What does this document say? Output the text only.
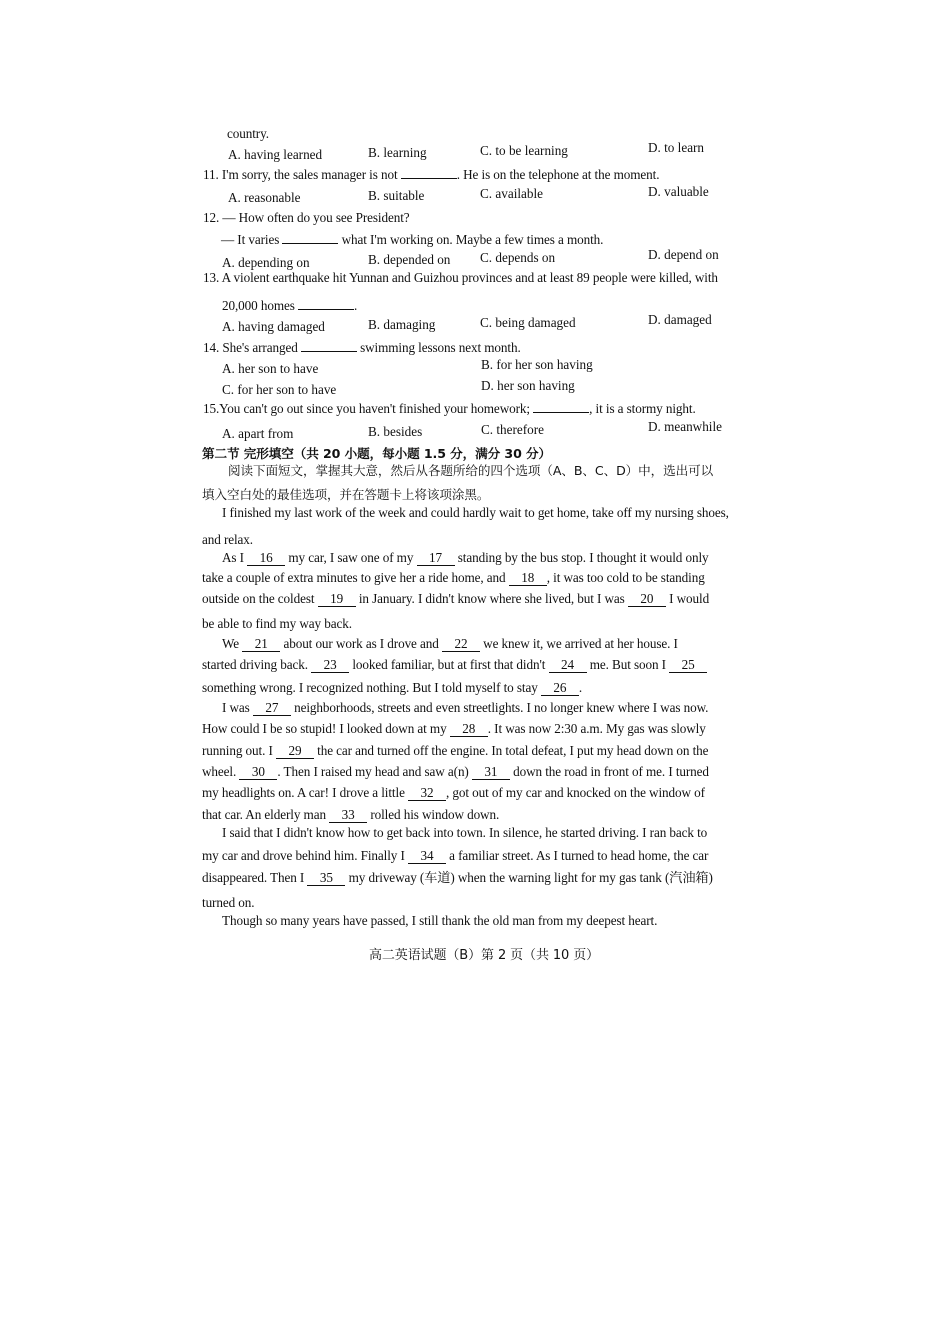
country.
A. having learned	B. learning	C. to be learning	D. to learn
11. I'm sorry, the sales manager is not	. He is on the telephone at the moment.
A. reasonable	B. suitable	C. available	D. valuable
12. — How often do you see President?
— It varies	what I'm working on. Maybe a few times a month.
A. depending on	B. depended on C. depends on	D. depend on
13. A violent earthquake hit Yunnan and Guizhou provinces and at least 89 people were killed, with
20,000 homes	.
A. having damaged	B. damaging	C. being damaged	D. damaged
14. She's arranged	swimming lessons next month.
A. her son to have	B. for her son having
C. for her son to have	D. her son having
15.You can't go out since you haven't finished your homework;	, it is a stormy night.
A. apart from	B. besides	C. therefore	D. meanwhile
第二节 完形填空（共 20 小题，每小题 1.5 分，满分 30 分）
阅读下面短文，掌握其大意，然后从各题所给的四个选项（A、B、C、D）中，选出可以
填入空白处的最佳选项，并在答题卡上将该项涂黑。
I finished my last work of the week and could hardly wait to get home, take off my nursing shoes,
and relax.
As I 16 my car, I saw one of my 17 standing by the bus stop. I thought it would only
take a couple of extra minutes to give her a ride home, and 18 , it was too cold to be standing
outside on the coldest 19 in January. I didn't know where she lived, but I was 20 I would
be able to find my way back.
We 21 about our work as I drove and 22 we knew it, we arrived at her house. I
started driving back. 23 looked familiar, but at first that didn't 24 me. But soon I 25
something wrong. I recognized nothing. But I told myself to stay 26 .
I was 27 neighborhoods, streets and even streetlights. I no longer knew where I was now.
How could I be so stupid! I looked down at my 28 . It was now 2:30 a.m. My gas was slowly
running out. I 29 the car and turned off the engine. In total defeat, I put my head down on the
wheel. 30 . Then I raised my head and saw a(n) 31 down the road in front of me. I turned
my headlights on. A car! I drove a little 32 , got out of my car and knocked on the window of
that car. An elderly man 33 rolled his window down.
I said that I didn't know how to get back into town. In silence, he started driving. I ran back to
my car and drove behind him. Finally I 34 a familiar street. As I turned to head home, the car
disappeared. Then I 35 my driveway (车道) when the warning light for my gas tank (汽油箱)
turned on.
Though so many years have passed, I still thank the old man from my deepest heart.
高二英语试题（B）第 2 页（共 10 页）
